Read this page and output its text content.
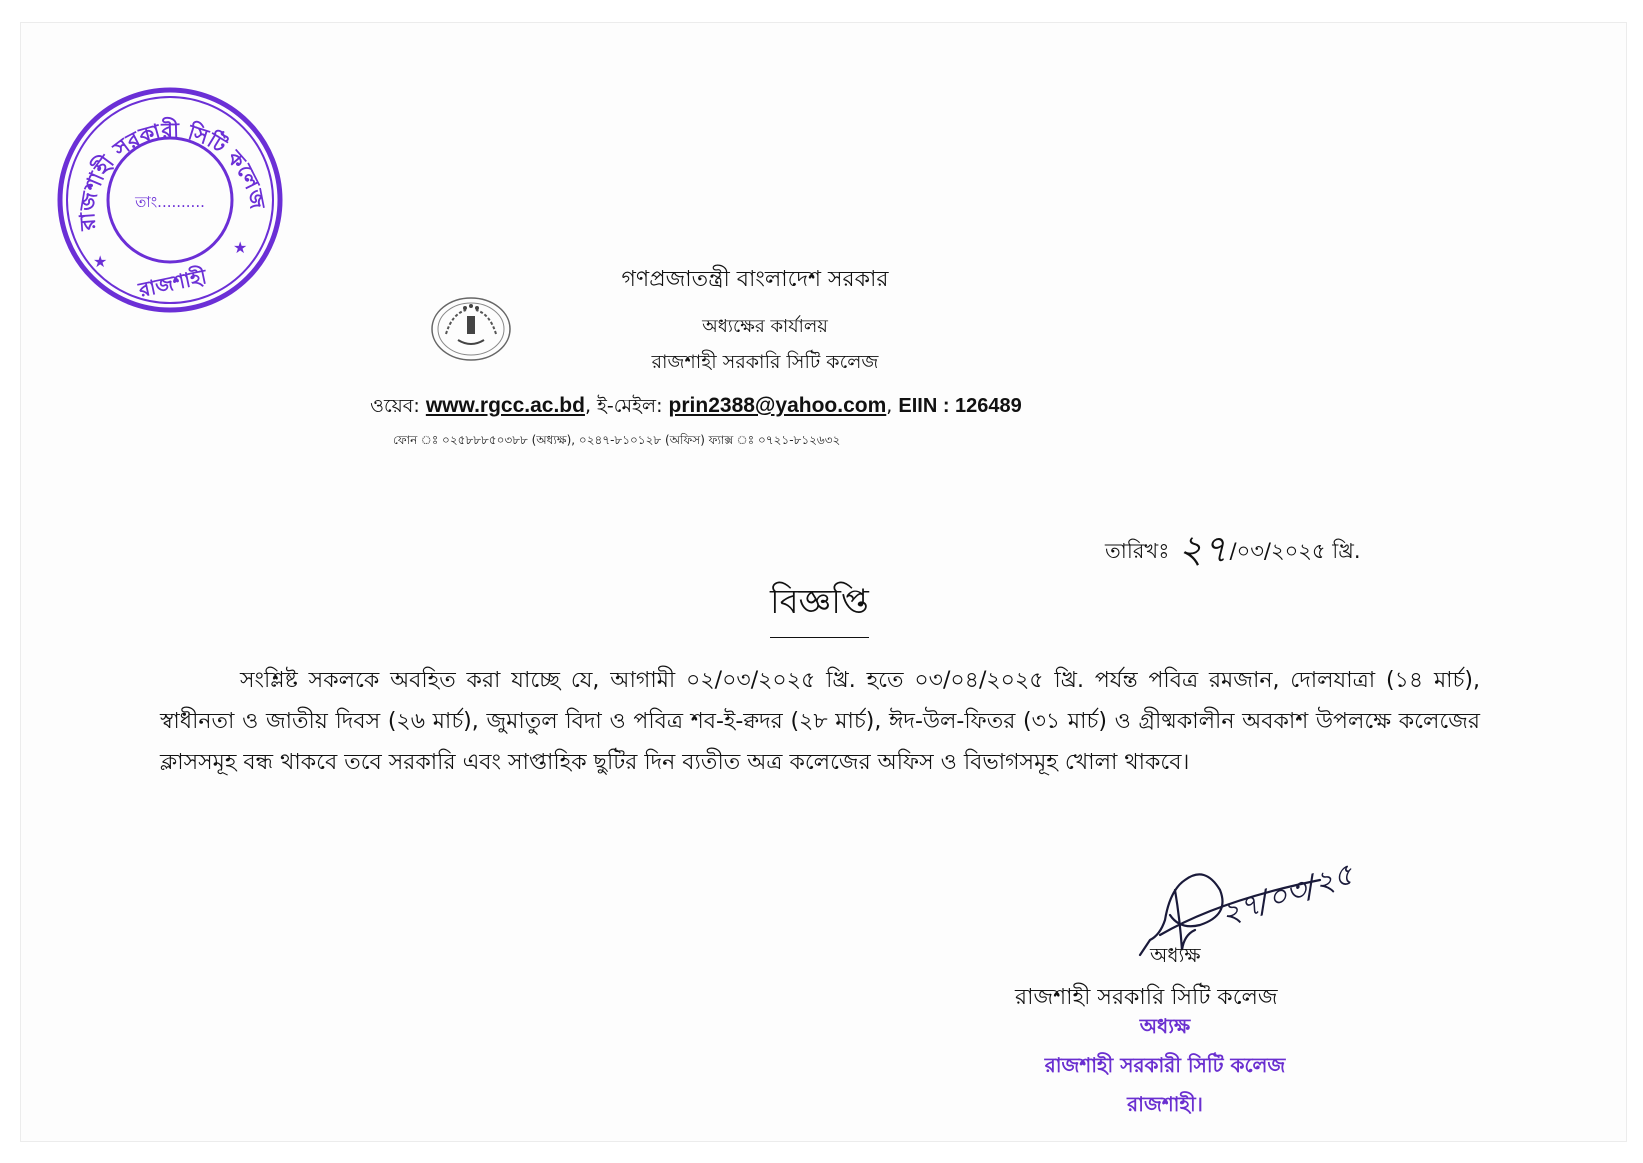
রাজশাহী সরকারী সিটি কলেজ
রাজশাহী
তাং..........
★
★
গণপ্রজাতন্ত্রী বাংলাদেশ সরকার
অধ্যক্ষের কার্যালয়
রাজশাহী সরকারি সিটি কলেজ
ওয়েব: www.rgcc.ac.bd, ই-মেইল: prin2388@yahoo.com, EIIN : 126489
ফোন ঃ ০২৫৮৮৮৫০৩৮৮ (অধ্যক্ষ), ০২৪৭-৮১০১২৮ (অফিস) ফ্যাক্স ঃ ০৭২১-৮১২৬৩২
তারিখঃ ২৭/০৩/২০২৫ খ্রি.
বিজ্ঞপ্তি
সংশ্লিষ্ট সকলকে অবহিত করা যাচ্ছে যে, আগামী ০২/০৩/২০২৫ খ্রি. হতে ০৩/০৪/২০২৫ খ্রি. পর্যন্ত পবিত্র রমজান, দোলযাত্রা (১৪ মার্চ), স্বাধীনতা ও জাতীয় দিবস (২৬ মার্চ), জুমাতুল বিদা ও পবিত্র শব-ই-ক্বদর (২৮ মার্চ), ঈদ-উল-ফিতর (৩১ মার্চ) ও গ্রীষ্মকালীন অবকাশ উপলক্ষে কলেজের ক্লাসসমূহ বন্ধ থাকবে তবে সরকারি এবং সাপ্তাহিক ছুটির দিন ব্যতীত অত্র কলেজের অফিস ও বিভাগসমূহ খোলা থাকবে।
২৭/০৩/২৫
অধ্যক্ষ
রাজশাহী সরকারি সিটি কলেজ
অধ্যক্ষ
রাজশাহী সরকারী সিটি কলেজ
রাজশাহী।
